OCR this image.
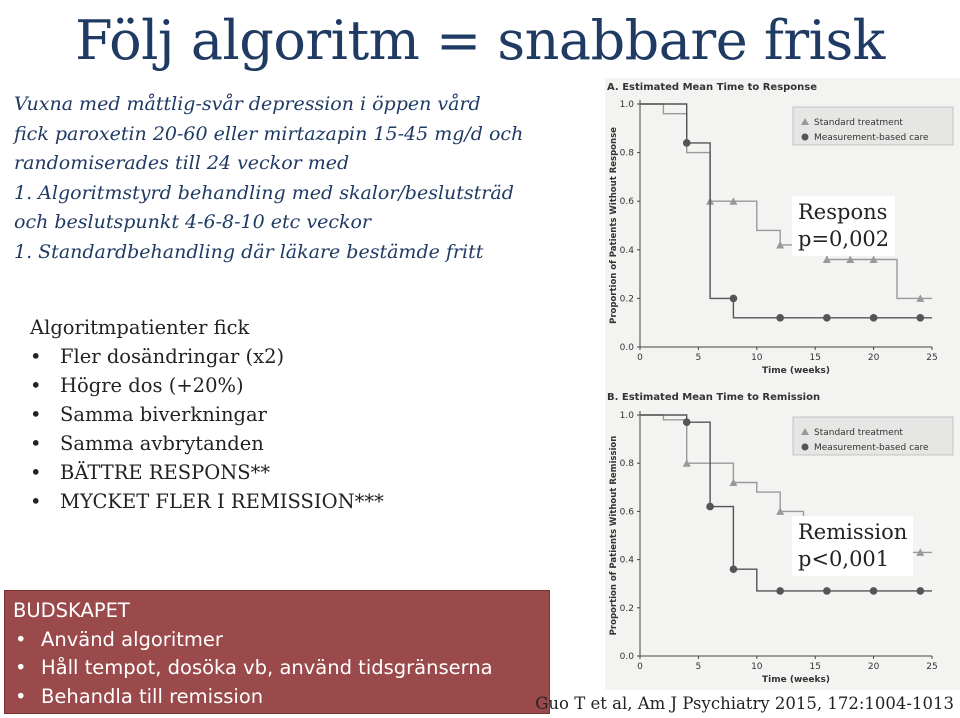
Följ algoritm = snabbare frisk
Vuxna med måttlig-svår depression i öppen vård
fick paroxetin 20-60 eller mirtazapin 15-45 mg/d och
randomiserades till 24 veckor med
1. Algoritmstyrd behandling med skalor/beslutsträd
och beslutspunkt 4-6-8-10 etc veckor
1. Standardbehandling där läkare bestämde fritt
Algoritmpatienter fick
• Fler dosändringar (x2)
• Högre dos (+20%)
• Samma biverkningar
• Samma avbrytanden
• BÄTTRE RESPONS**
• MYCKET FLER I REMISSION***
BUDSKAPET
• Använd algoritmer
• Håll tempot, dosöka vb, använd tidsgränserna
• Behandla till remission
A. Estimated Mean Time to Response
0.0
0.2
0.4
0.6
0.8
1.0
0	5	10	15	20	25
Time (weeks)
Proportion of Patients Without Response
Standard treatment
Measurement-based care
B. Estimated Mean Time to Remission
0.0
0.2
0.4
0.6
0.8
1.0
0	5	10	15	20	25
Time (weeks)
Proportion of Patients Without Remission
Standard treatment
Measurement-based care
Respons
p=0,002
Remission
p<0,001
Guo T et al, Am J Psychiatry 2015, 172:1004-1013
